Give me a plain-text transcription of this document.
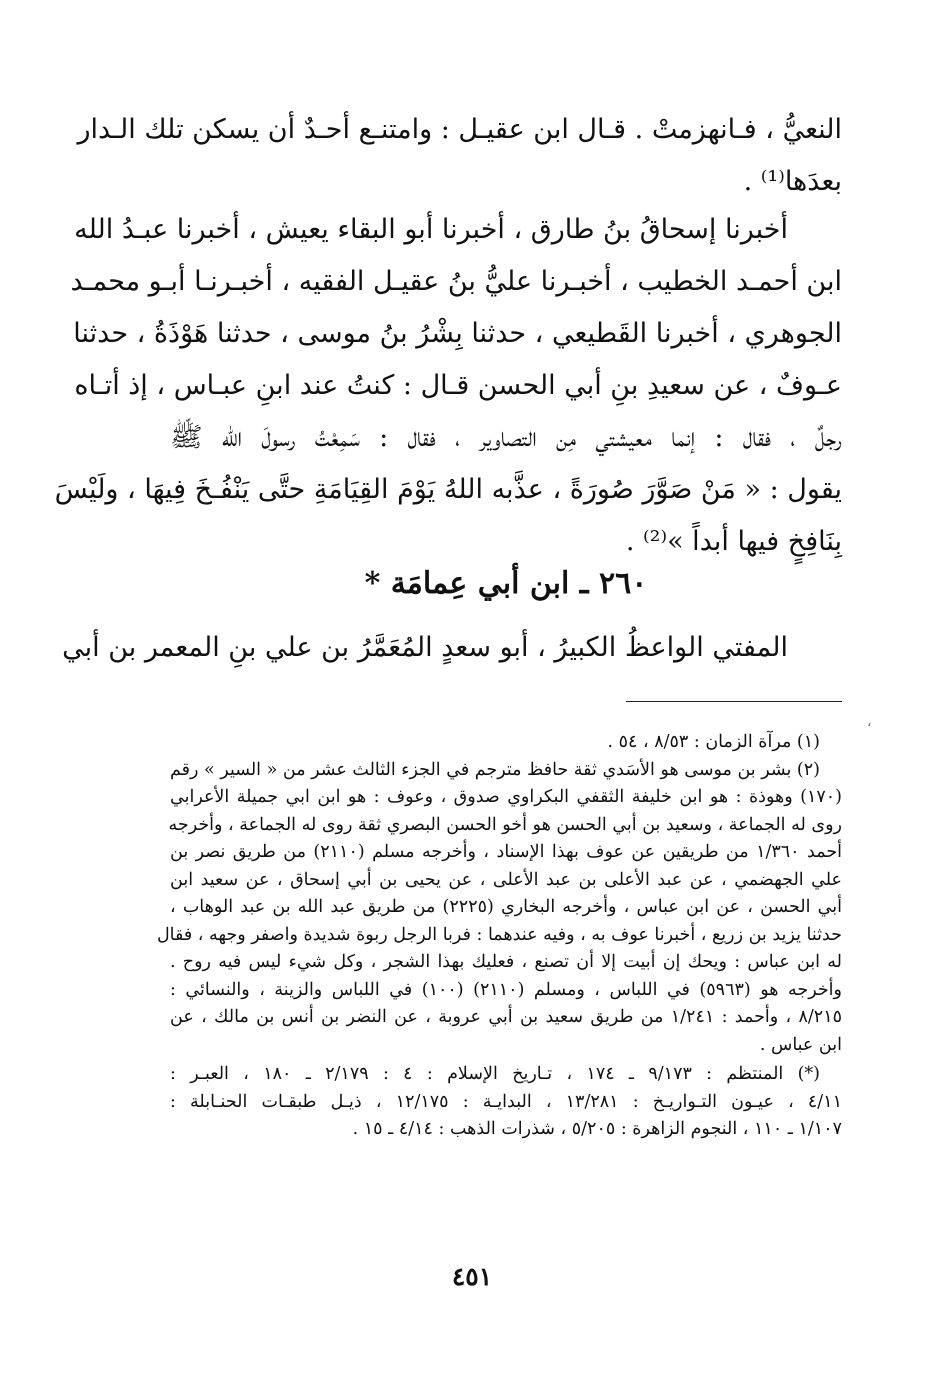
النعيُّ ، فـانهزمتْ . قـال ابن عقيـل : وامتنـع أحـدٌ أن يسكن تلك الـدار
بعدَها⁽¹⁾ .
أخبرنا إسحاقُ بنُ طارق ، أخبرنا أبو البقاء يعيش ، أخبرنا عبـدُ الله
ابن أحمـد الخطيب ، أخبـرنا عليُّ بنُ عقيـل الفقيه ، أخبـرنـا أبـو محمـد
الجوهري ، أخبرنا القَطيعي ، حدثنا بِشْرُ بنُ موسى ، حدثنا هَوْذَةُ ، حدثنا
عـوفٌ ، عن سعيدِ بنِ أبي الحسن قـال : كنتُ عند ابنِ عبـاس ، إذ أتـاه
رجلٌ ، فقال : إنما معيشتي مِن التصاوير ، فقال : سَمِعْتُ رسولَ الله ﷺ
يقول : « مَنْ صَوَّرَ صُورَةً ، عذَّبه اللهُ يَوْمَ القِيَامَةِ حتَّى يَنْفُـخَ فِيهَا ، ولَيْسَ
بِنَافِخٍ فيها أبداً »⁽²⁾ .
٢٦٠ ـ ابن أبي عِمامَة *
المفتي الواعظُ الكبيرُ ، أبو سعدٍ المُعَمَّرُ بن علي بنِ المعمر بن أبي
،
(١) مرآة الزمان : ٨/٥٣ ، ٥٤ .
(٢) بشر بن موسى هو الأسَدي ثقة حافظ مترجم في الجزء الثالث عشر من « السير » رقم
(١٧٠) وهوذة : هو ابن خليفة الثقفي البكراوي صدوق ، وعوف : هو ابن ابي جميلة الأعرابي
روى له الجماعة ، وسعيد بن أبي الحسن هو أخو الحسن البصري ثقة روى له الجماعة ، وأخرجه
أحمد ١/٣٦٠ من طريقين عن عوف بهذا الإسناد ، وأخرجه مسلم (٢١١٠) من طريق نصر بن
علي الجهضمي ، عن عبد الأعلى بن عبد الأعلى ، عن يحيى بن أبي إسحاق ، عن سعيد ابن
أبي الحسن ، عن ابن عباس ، وأخرجه البخاري (٢٢٢٥) من طريق عبد الله بن عبد الوهاب ،
حدثنا يزيد بن زريع ، أخبرنا عوف به ، وفيه عندهما : فربا الرجل ربوة شديدة واصفر وجهه ، فقال
له ابن عباس : ويحك إن أبيت إلا أن تصنع ، فعليك بهذا الشجر ، وكل شيء ليس فيه روح .
وأخرجه هو (٥٩٦٣) في اللباس ، ومسلم (٢١١٠) (١٠٠) في اللباس والزينة ، والنسائي :
٨/٢١٥ ، وأحمد : ١/٢٤١ من طريق سعيد بن أبي عروبة ، عن النضر بن أنس بن مالك ، عن
ابن عباس .
(*) المنتظم : ٩/١٧٣ ـ ١٧٤ ، تـاريخ الإسلام : ٤ : ٢/١٧٩ ـ ١٨٠ ، العبـر :
٤/١١ ، عيـون التـواريـخ : ١٣/٢٨١ ، البدايـة : ١٢/١٧٥ ، ذيـل طبقـات الحنـابلة :
١/١٠٧ ـ ١١٠ ، النجوم الزاهرة : ٥/٢٠٥ ، شذرات الذهب : ٤/١٤ ـ ١٥ .
٤٥١
